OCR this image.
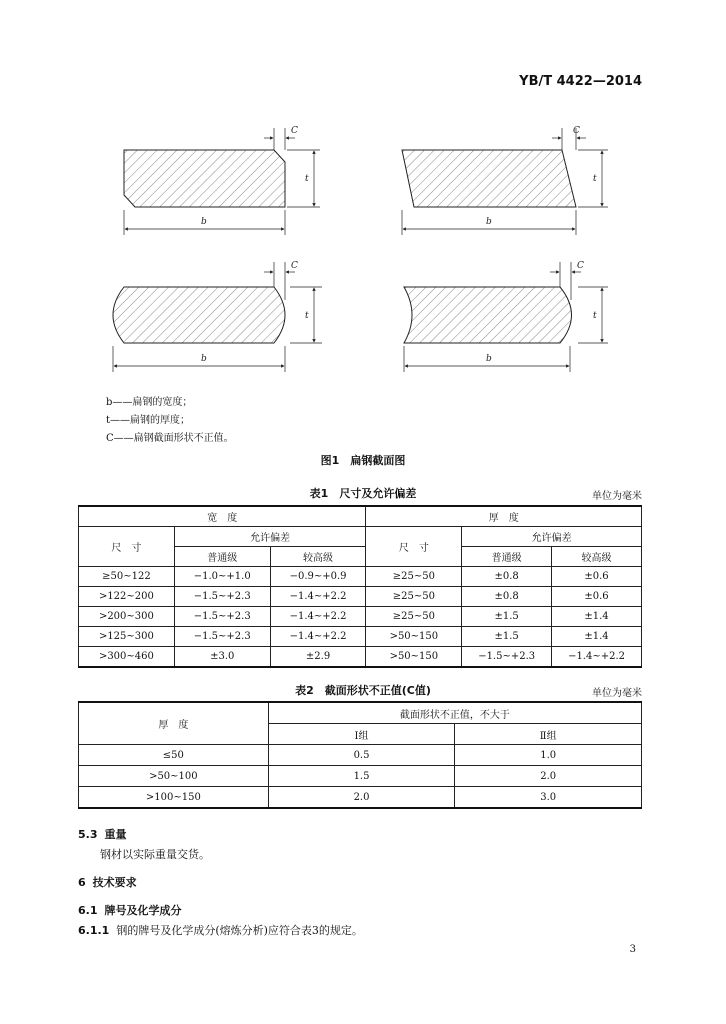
YB/T 4422—2014
b
t
C
b
t
C
b
t
C
b
t
C
b——扁钢的宽度；
t——扁钢的厚度；
C——扁钢截面形状不正值。
图1　扁钢截面图
表1　尺寸及允许偏差	单位为毫米
宽　度			厚　度		
尺　寸	允许偏差		尺　寸	允许偏差	
	普通级	较高级		普通级	较高级
≥50~122	−1.0~+1.0	−0.9~+0.9	≥25~50	±0.8	±0.6
>122~200	−1.5~+2.3	−1.4~+2.2	≥25~50	±0.8	±0.6
>200~300	−1.5~+2.3	−1.4~+2.2	≥25~50	±1.5	±1.4
>125~300	−1.5~+2.3	−1.4~+2.2	>50~150	±1.5	±1.4
>300~460	±3.0	±2.9	>50~150	−1.5~+2.3	−1.4~+2.2
表2　截面形状不正值(C值)	单位为毫米
厚　度	截面形状不正值，不大于	
	Ⅰ组	Ⅱ组
≤50	0.5	1.0
>50~100	1.5	2.0
>100~150	2.0	3.0
5.3 重量
钢材以实际重量交货。
6 技术要求
6.1 牌号及化学成分
6.1.1 钢的牌号及化学成分(熔炼分析)应符合表3的规定。
3
